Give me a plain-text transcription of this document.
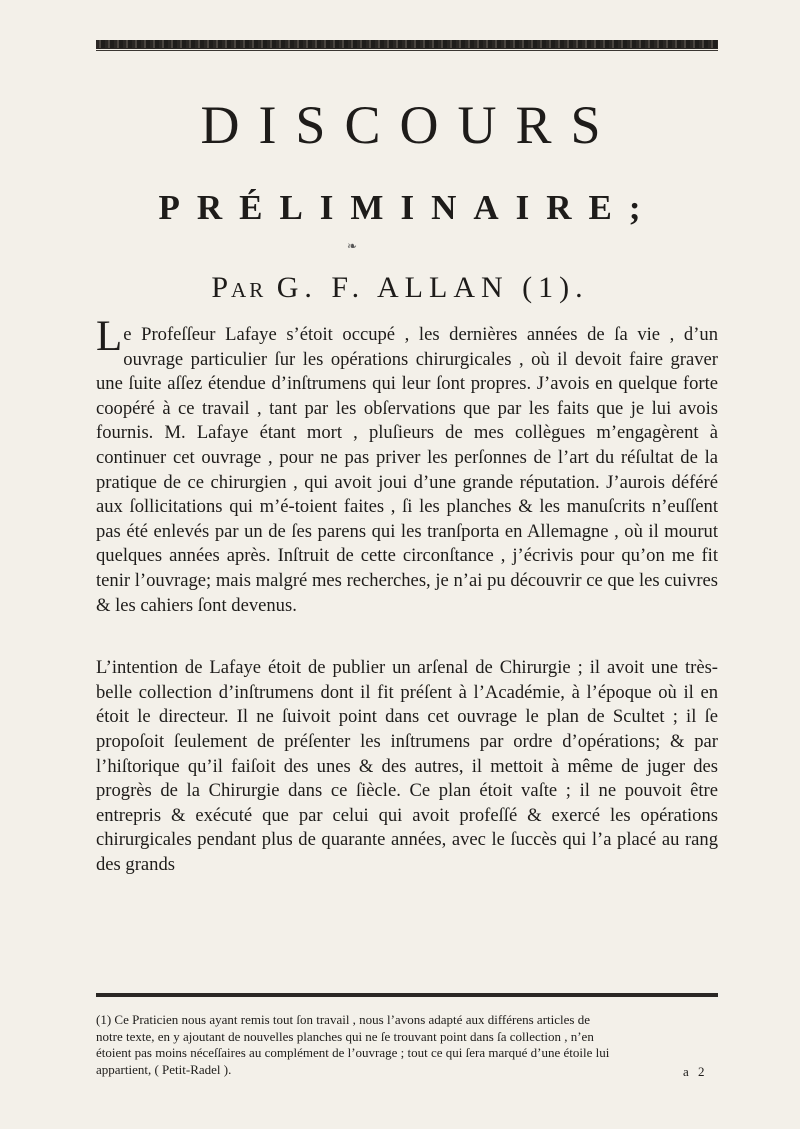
DISCOURS
PRÉLIMINAIRE;
❧
Par G. F. ALLAN (1).

Le Profeſſeur Lafaye s’étoit occupé , les dernières années de ſa vie , d’un ouvrage particulier ſur les opérations chirurgicales , où il devoit faire graver une ſuite aſſez étendue d’inſtrumens qui leur ſont propres. J’avois en quelque forte coopéré à ce travail , tant par les obſervations que par les faits que je lui avois fournis. M. Lafaye étant mort , pluſieurs de mes collègues m’engagèrent à continuer cet ouvrage , pour ne pas priver les perſonnes de l’art du réſultat de la pratique de ce chirurgien , qui avoit joui d’une grande réputation. J’aurois déféré aux ſollicitations qui m’é-toient faites , ſi les planches & les manuſcrits n’euſſent pas été enlevés par un de ſes parens qui les tranſporta en Allemagne , où il mourut quelques années après. Inſtruit de cette circonſtance , j’écrivis pour qu’on me fit tenir l’ouvrage; mais malgré mes recherches, je n’ai pu découvrir ce que les cuivres & les cahiers ſont devenus.

L’intention de Lafaye étoit de publier un arſenal de Chirurgie ; il avoit une très-belle collection d’inſtrumens dont il fit préſent à l’Académie, à l’époque où il en étoit le directeur. Il ne ſuivoit point dans cet ouvrage le plan de Scultet ; il ſe propoſoit ſeulement de préſenter les inſtrumens par ordre d’opérations; & par l’hiſtorique qu’il faiſoit des unes & des autres, il mettoit à même de juger des progrès de la Chirurgie dans ce ſiècle. Ce plan étoit vaſte ; il ne pouvoit être entrepris & exécuté que par celui qui avoit profeſſé & exercé les opérations chirurgicales pendant plus de quarante années, avec le ſuccès qui l’a placé au rang des grands

(1) Ce Praticien nous ayant remis tout ſon travail , nous l’avons adapté aux différens articles de
notre texte, en y ajoutant de nouvelles planches qui ne ſe trouvant point dans ſa collection , n’en
étoient pas moins néceſſaires au complément de l’ouvrage ; tout ce qui ſera marqué d’une étoile lui
appartient, ( Petit-Radel ).	a 2
